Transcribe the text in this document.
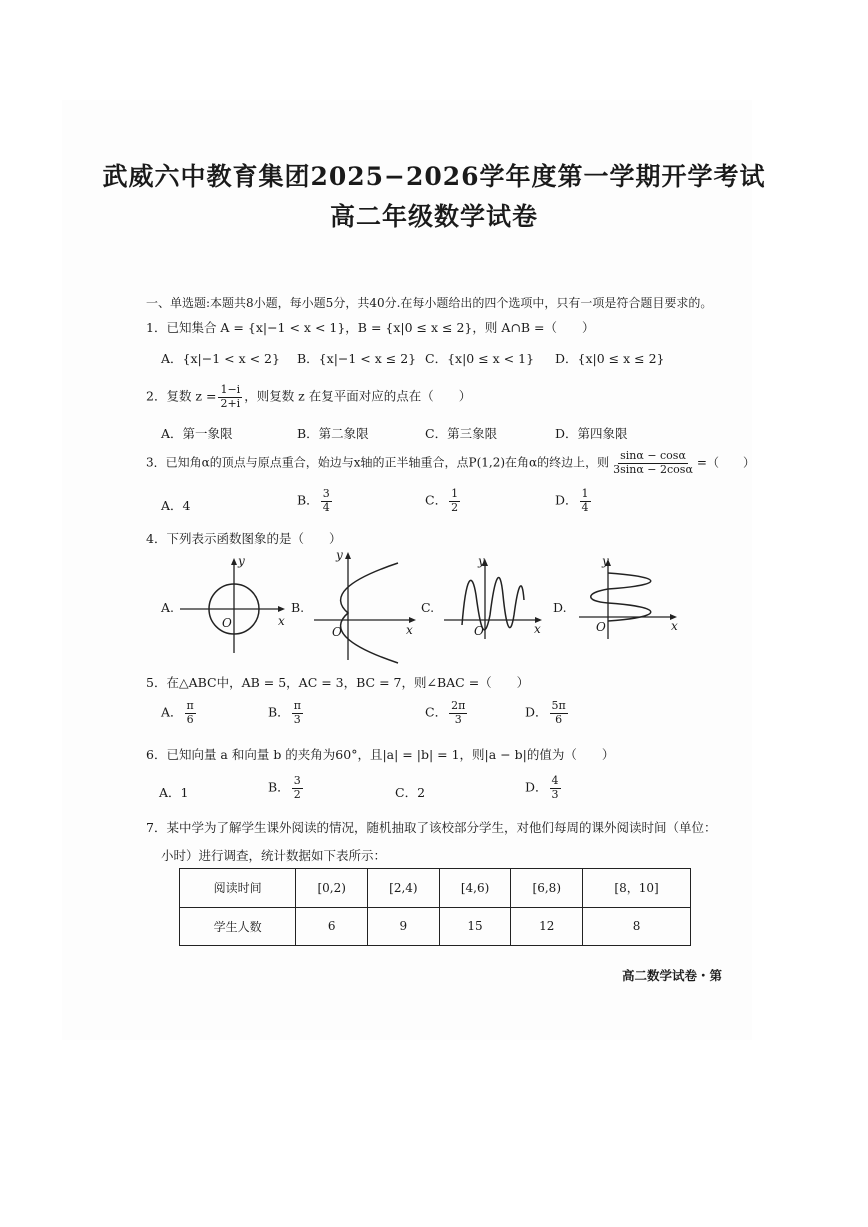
武威六中教育集团2025−2026学年度第一学期开学考试
高二年级数学试卷
一、单选题:本题共8小题，每小题5分，共40分.在每小题给出的四个选项中，只有一项是符合题目要求的。
1．已知集合 A = {x|−1 < x < 1}，B = {x|0 ≤ x ≤ 2}，则 A∩B =（　　）
A．{x|−1 < x < 2} B．{x|−1 < x ≤ 2} C．{x|0 ≤ x < 1} D．{x|0 ≤ x ≤ 2}
2．复数 $z = \frac{1-i}{2+i}$ ，则复数 z 在复平面对应的点在（　　）
A．第一象限	B．第二象限	C．第三象限	D．第四象限
3．已知角α的顶点与原点重合，始边与x轴的正半轴重合，点P(1,2)在角α的终边上，则 $\frac{\sin\alpha - \cos\alpha}{3\sin\alpha - 2\cos\alpha}$ =（　　）
A．4	B． $\frac{3}{4}$	C． $\frac{1}{2}$	D． $\frac{1}{4}$
4．下列表示函数图象的是（　　）
A.	B.	C.	D.
y
x
O
y
x
O
y
x
O
y
x
O
5．在△ABC中，AB = 5，AC = 3，BC = 7，则∠BAC =（　　）
A． $\frac{\pi}{6}$	B． $\frac{\pi}{3}$	C． $\frac{2\pi}{3}$	D． $\frac{5\pi}{6}$
6．已知向量 a 和向量 b 的夹角为60°，且|a| = |b| = 1，则|a − b|的值为（　　）
A．1	B． $\frac{3}{2}$	C．2	D． $\frac{4}{3}$
7．某中学为了解学生课外阅读的情况，随机抽取了该校部分学生，对他们每周的课外阅读时间（单位：
小时）进行调查，统计数据如下表所示：
阅读时间	[0,2)	[2,4)	[4,6)	[6,8)	[8，10]
学生人数	6	9	15	12	8
高二数学试卷・第
